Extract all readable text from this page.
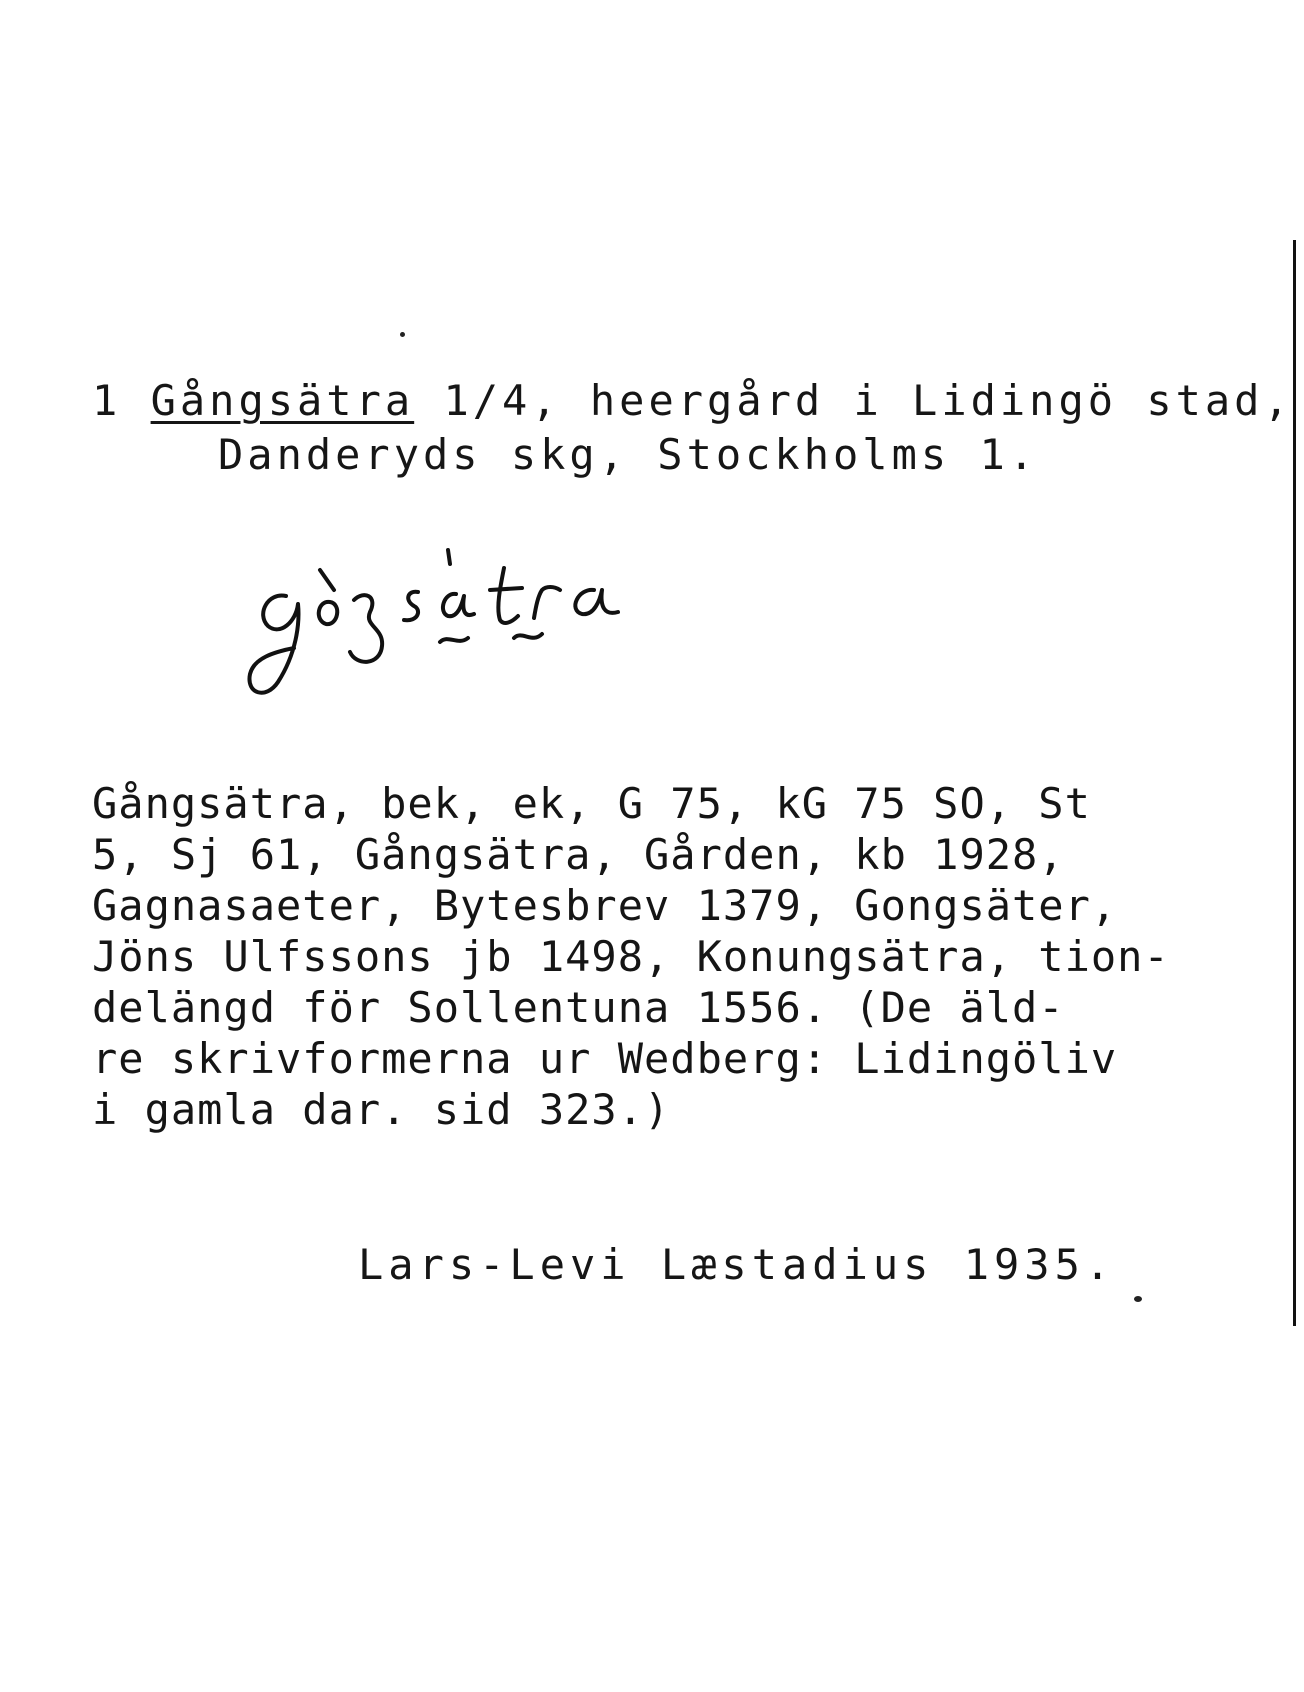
1 Gångsätra 1/4, heergård i Lidingö stad,

Danderyds skg, Stockholms 1.

Gångsätra, bek, ek, G 75, kG 75 SO, St
5, Sj 61, Gångsätra, Gården, kb 1928,
Gagnasaeter, Bytesbrev 1379, Gongsäter,
Jöns Ulfssons jb 1498, Konungsätra, tion-
delängd för Sollentuna 1556. (De äld-
re skrivformerna ur Wedberg: Lidingöliv
i gamla dar. sid 323.)

Lars-Levi Læstadius 1935.
